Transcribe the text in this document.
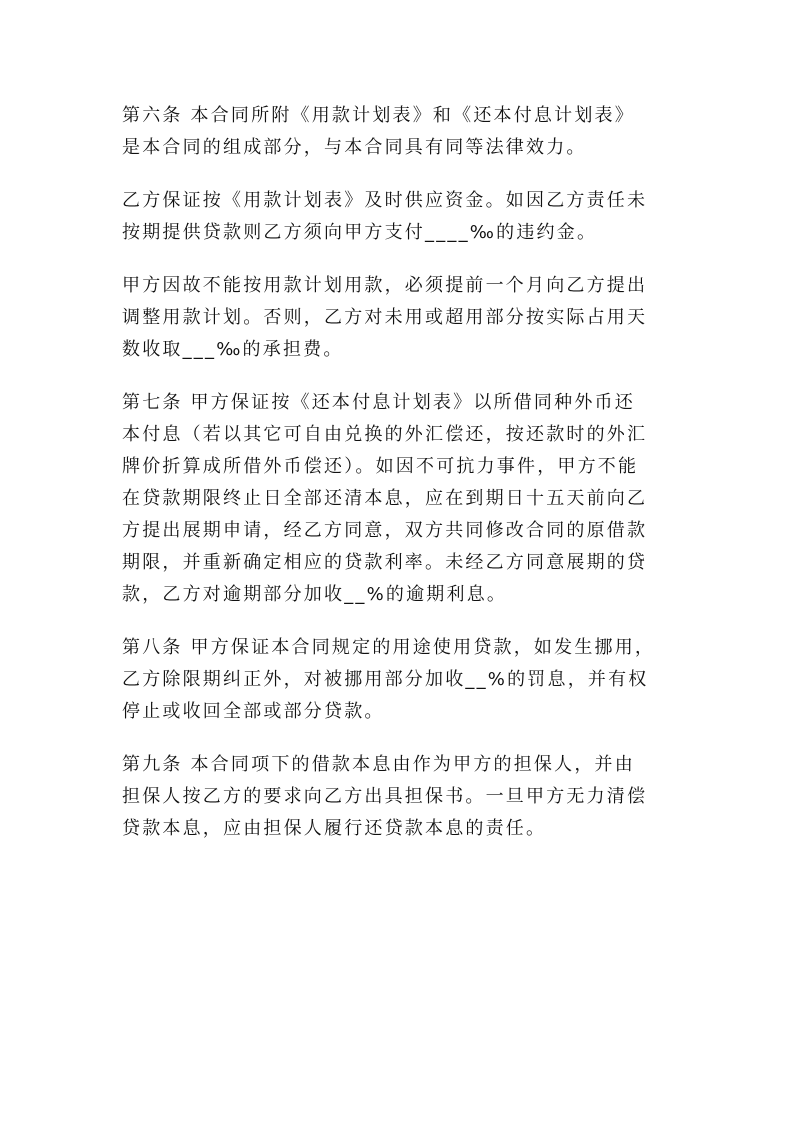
第六条 本合同所附《用款计划表》和《还本付息计划表》
是本合同的组成部分，与本合同具有同等法律效力。
乙方保证按《用款计划表》及时供应资金。如因乙方责任未
按期提供贷款则乙方须向甲方支付____‰的违约金。
甲方因故不能按用款计划用款，必须提前一个月向乙方提出
调整用款计划。否则，乙方对未用或超用部分按实际占用天
数收取___‰的承担费。
第七条 甲方保证按《还本付息计划表》以所借同种外币还
本付息（若以其它可自由兑换的外汇偿还，按还款时的外汇
牌价折算成所借外币偿还）。如因不可抗力事件，甲方不能
在贷款期限终止日全部还清本息，应在到期日十五天前向乙
方提出展期申请，经乙方同意，双方共同修改合同的原借款
期限，并重新确定相应的贷款利率。未经乙方同意展期的贷
款，乙方对逾期部分加收__%的逾期利息。
第八条 甲方保证本合同规定的用途使用贷款，如发生挪用，
乙方除限期纠正外，对被挪用部分加收__%的罚息，并有权
停止或收回全部或部分贷款。
第九条 本合同项下的借款本息由作为甲方的担保人，并由
担保人按乙方的要求向乙方出具担保书。一旦甲方无力清偿
贷款本息，应由担保人履行还贷款本息的责任。
